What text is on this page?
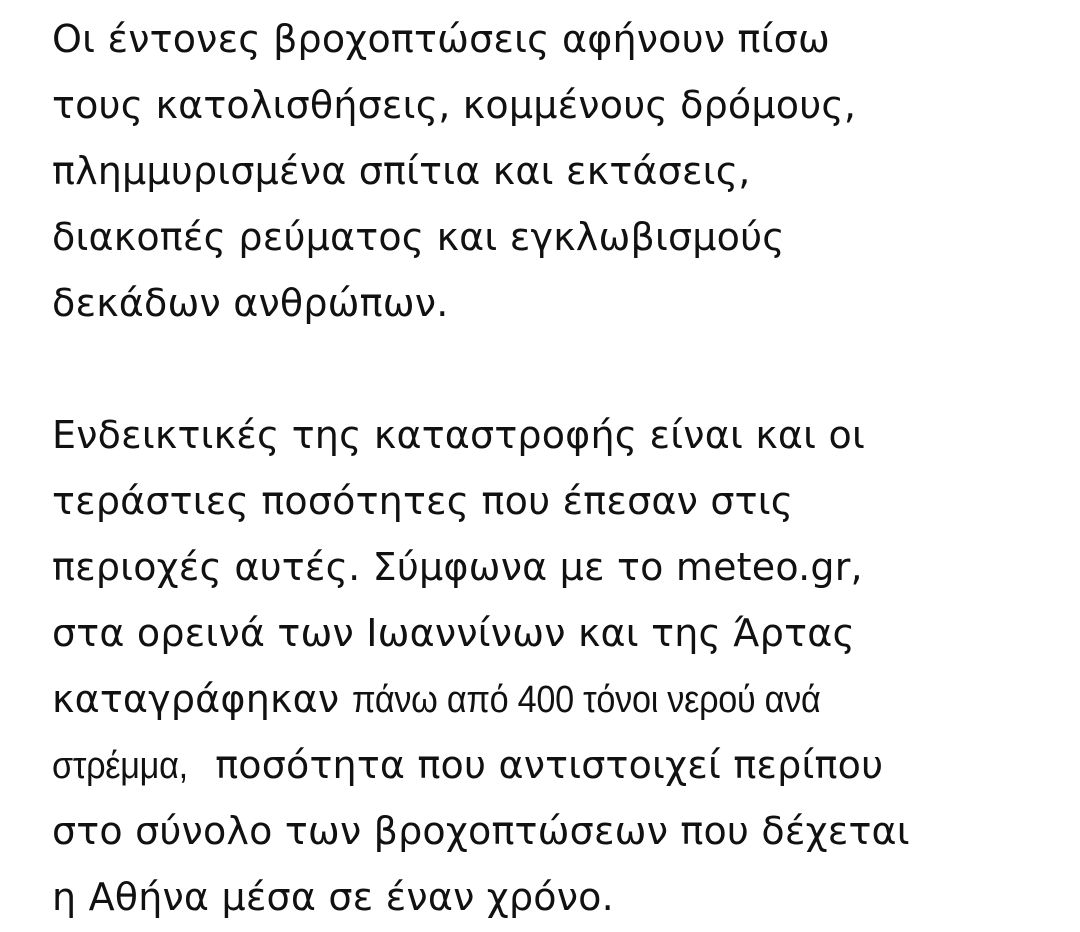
Οι έντονες βροχοπτώσεις αφήνουν πίσω
τους κατολισθήσεις, κομμένους δρόμους,
πλημμυρισμένα σπίτια και εκτάσεις,
διακοπές ρεύματος και εγκλωβισμούς
δεκάδων ανθρώπων.

Ενδεικτικές της καταστροφής είναι και οι
τεράστιες ποσότητες που έπεσαν στις
περιοχές αυτές. Σύμφωνα με το meteo.gr,
στα ορεινά των Ιωαννίνων και της Άρτας
καταγράφηκαν πάνω από 400 τόνοι νερού ανά
στρέμμα, ποσότητα που αντιστοιχεί περίπου
στο σύνολο των βροχοπτώσεων που δέχεται
η Αθήνα μέσα σε έναν χρόνο.
